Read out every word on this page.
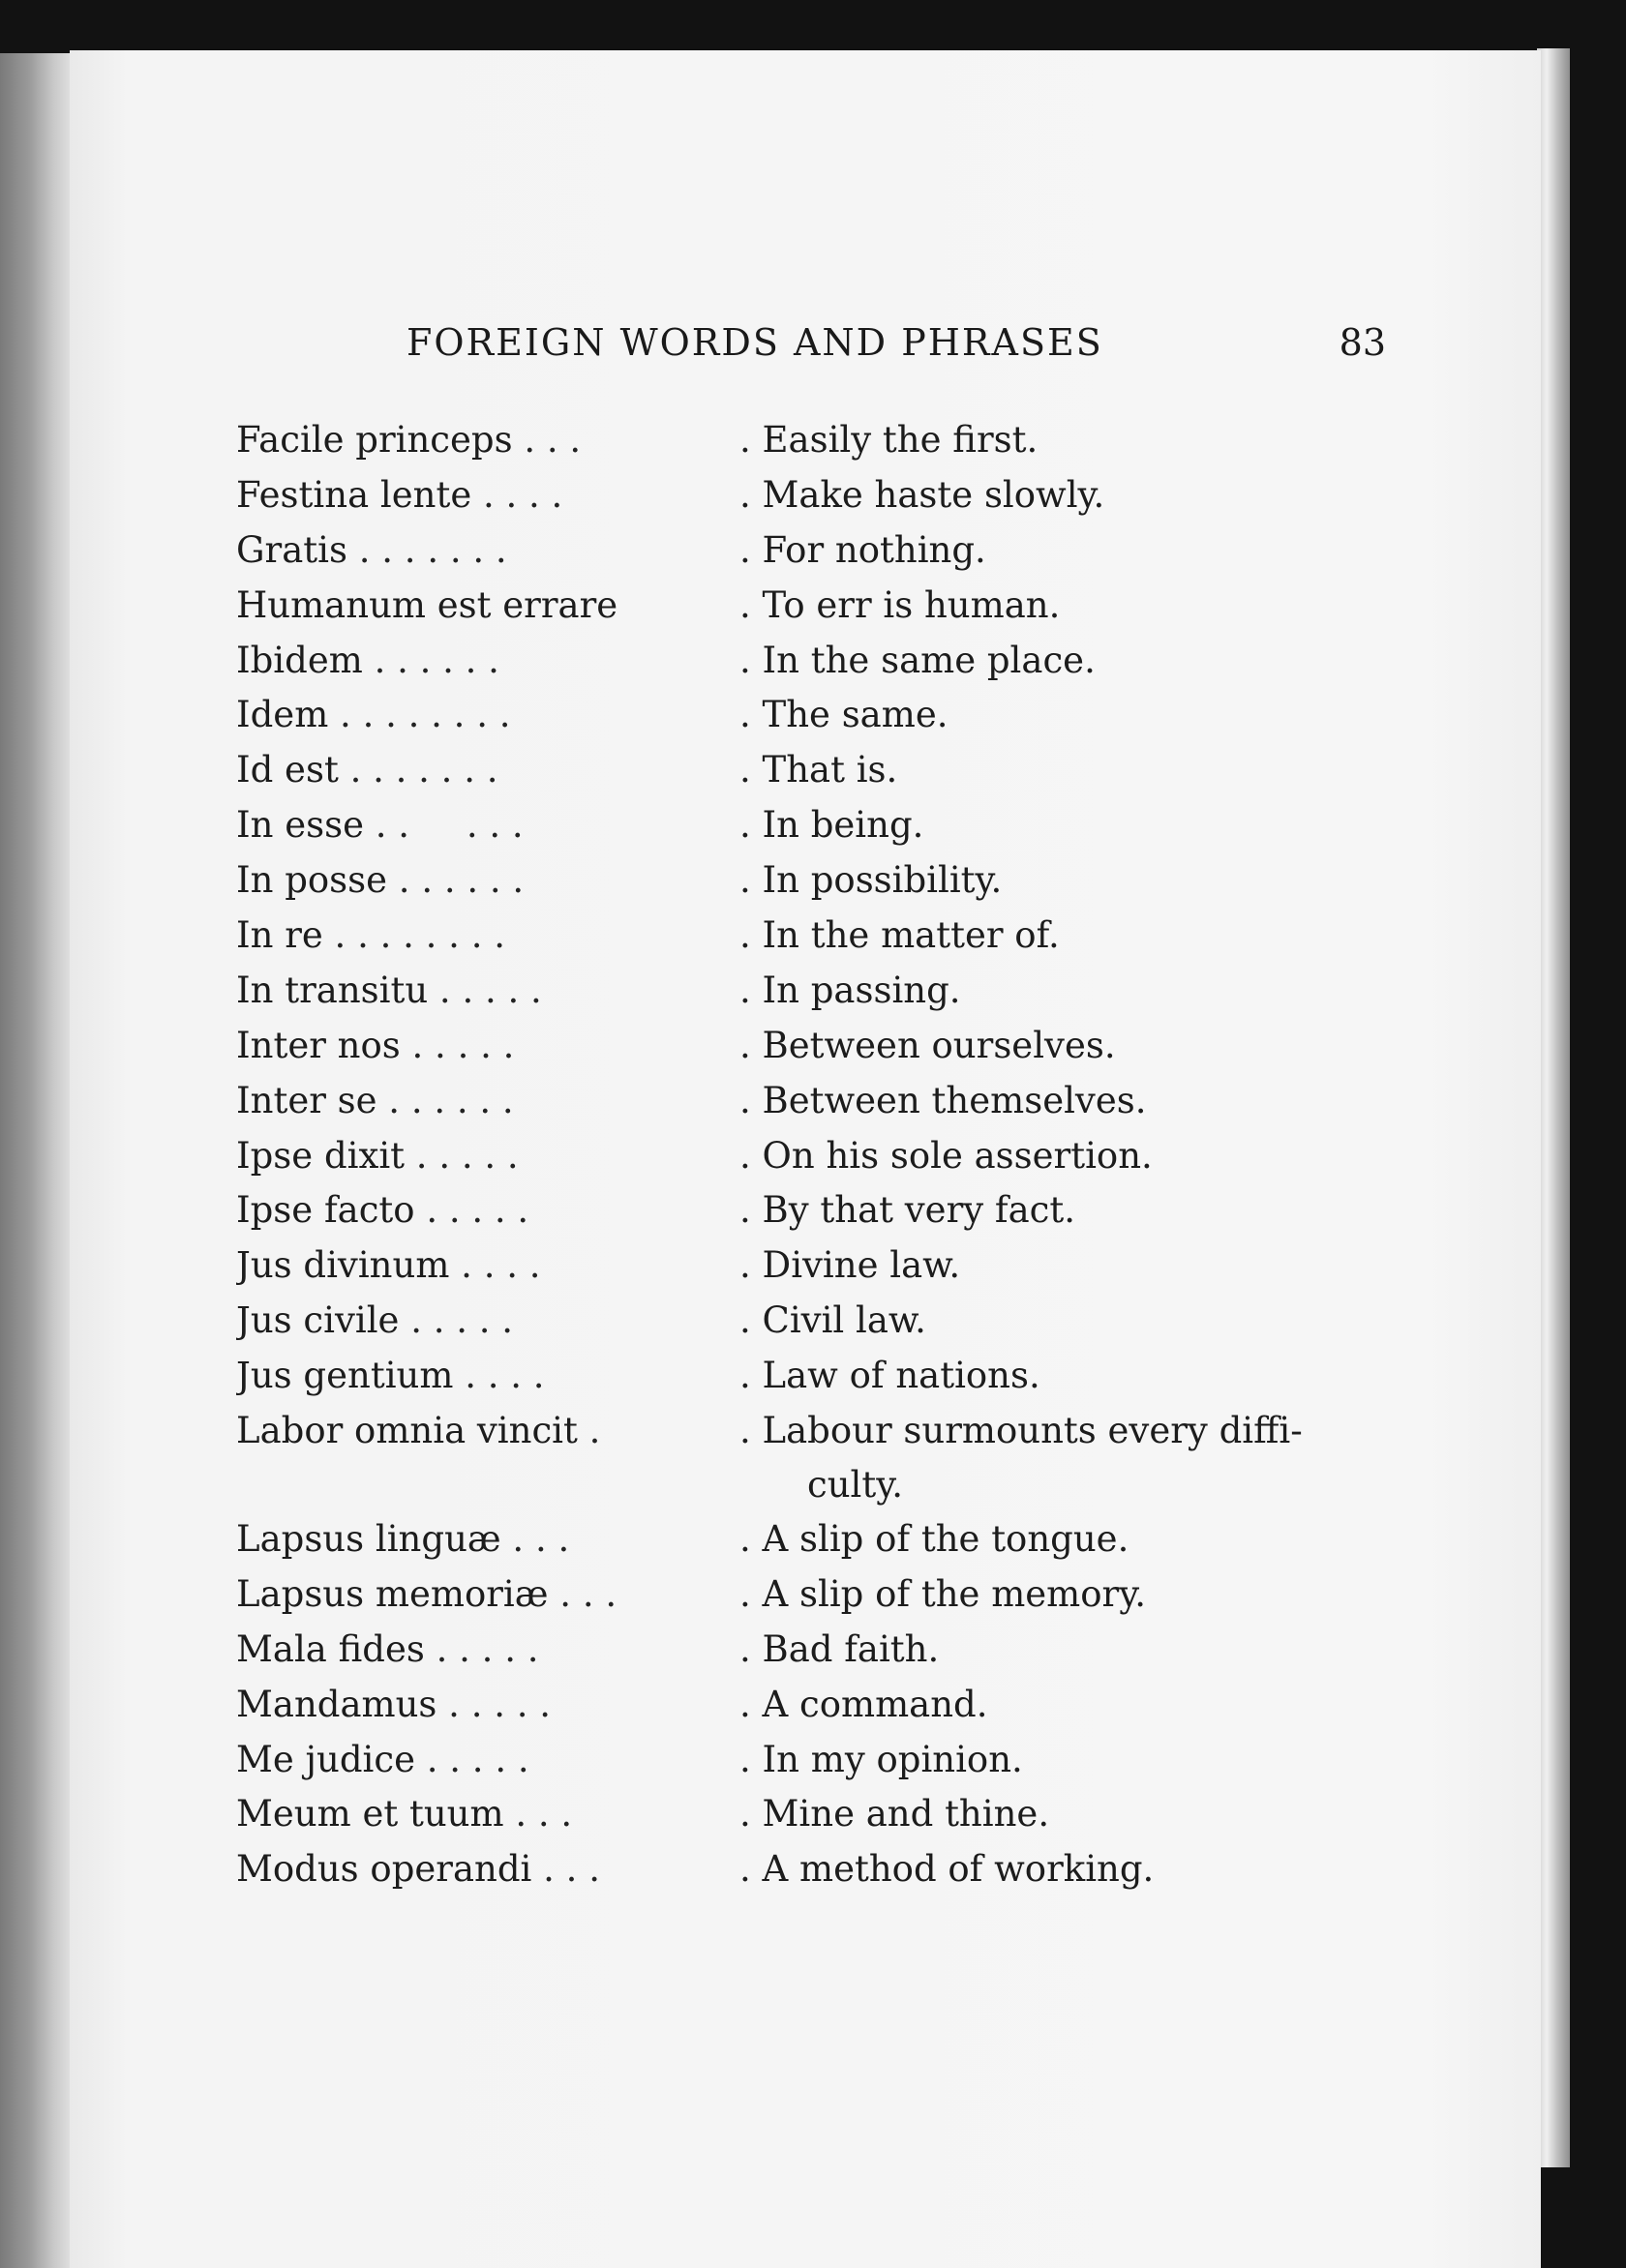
FOREIGN WORDS AND PHRASES	83
Facile princeps . . .	. Easily the first.
Festina lente . . . .	. Make haste slowly.
Gratis . . . . . . .	. For nothing.
Humanum est errare	. To err is human.
Ibidem . . . . . .	. In the same place.
Idem . . . . . . . .	. The same.
Id est . . . . . . .	. That is.
In esse . .     . . .	. In being.
In posse . . . . . .	. In possibility.
In re . . . . . . . .	. In the matter of.
In transitu . . . . .	. In passing.
Inter nos . . . . .	. Between ourselves.
Inter se . . . . . .	. Between themselves.
Ipse dixit . . . . .	. On his sole assertion.
Ipse facto . . . . .	. By that very fact.
Jus divinum . . . .	. Divine law.
Jus civile . . . . .	. Civil law.
Jus gentium . . . .	. Law of nations.
Labor omnia vincit .	. Labour surmounts every diffi-
culty.
Lapsus linguæ . . .	. A slip of the tongue.
Lapsus memoriæ . . .	. A slip of the memory.
Mala fides . . . . .	. Bad faith.
Mandamus . . . . .	. A command.
Me judice . . . . .	. In my opinion.
Meum et tuum . . .	. Mine and thine.
Modus operandi . . .	. A method of working.
